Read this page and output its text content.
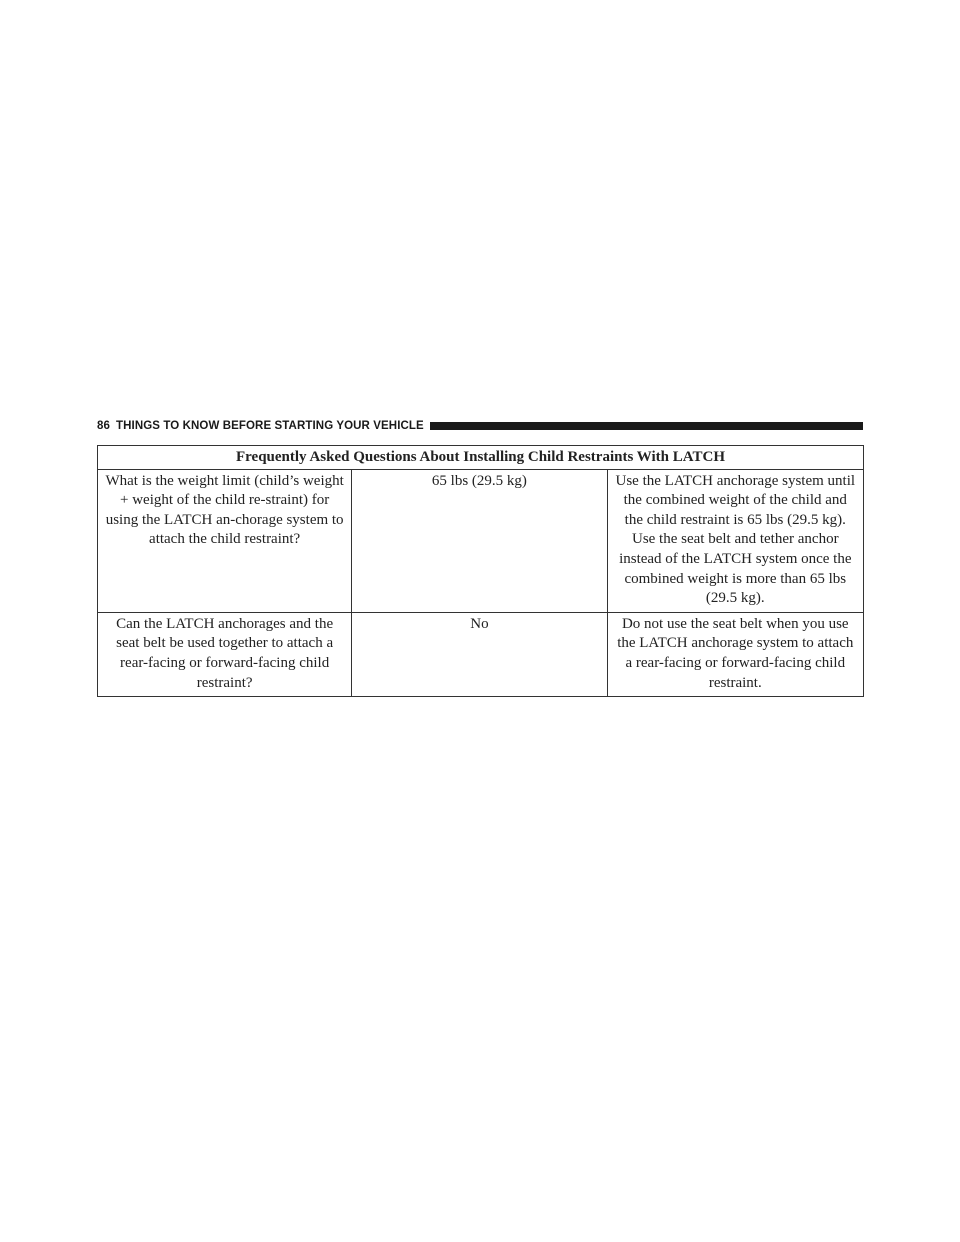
86 THINGS TO KNOW BEFORE STARTING YOUR VEHICLE
Frequently Asked Questions About Installing Child Restraints With LATCH		
What is the weight limit (child’s weight + weight of the child re-straint) for using the LATCH an-chorage system to attach the child restraint?	65 lbs (29.5 kg)	Use the LATCH anchorage system until the combined weight of the child and the child restraint is 65 lbs (29.5 kg). Use the seat belt and tether anchor instead of the LATCH system once the combined weight is more than 65 lbs (29.5 kg).
Can the LATCH anchorages and the seat belt be used together to attach a rear-facing or forward-facing child restraint?	No	Do not use the seat belt when you use the LATCH anchorage system to attach a rear-facing or forward-facing child restraint.
